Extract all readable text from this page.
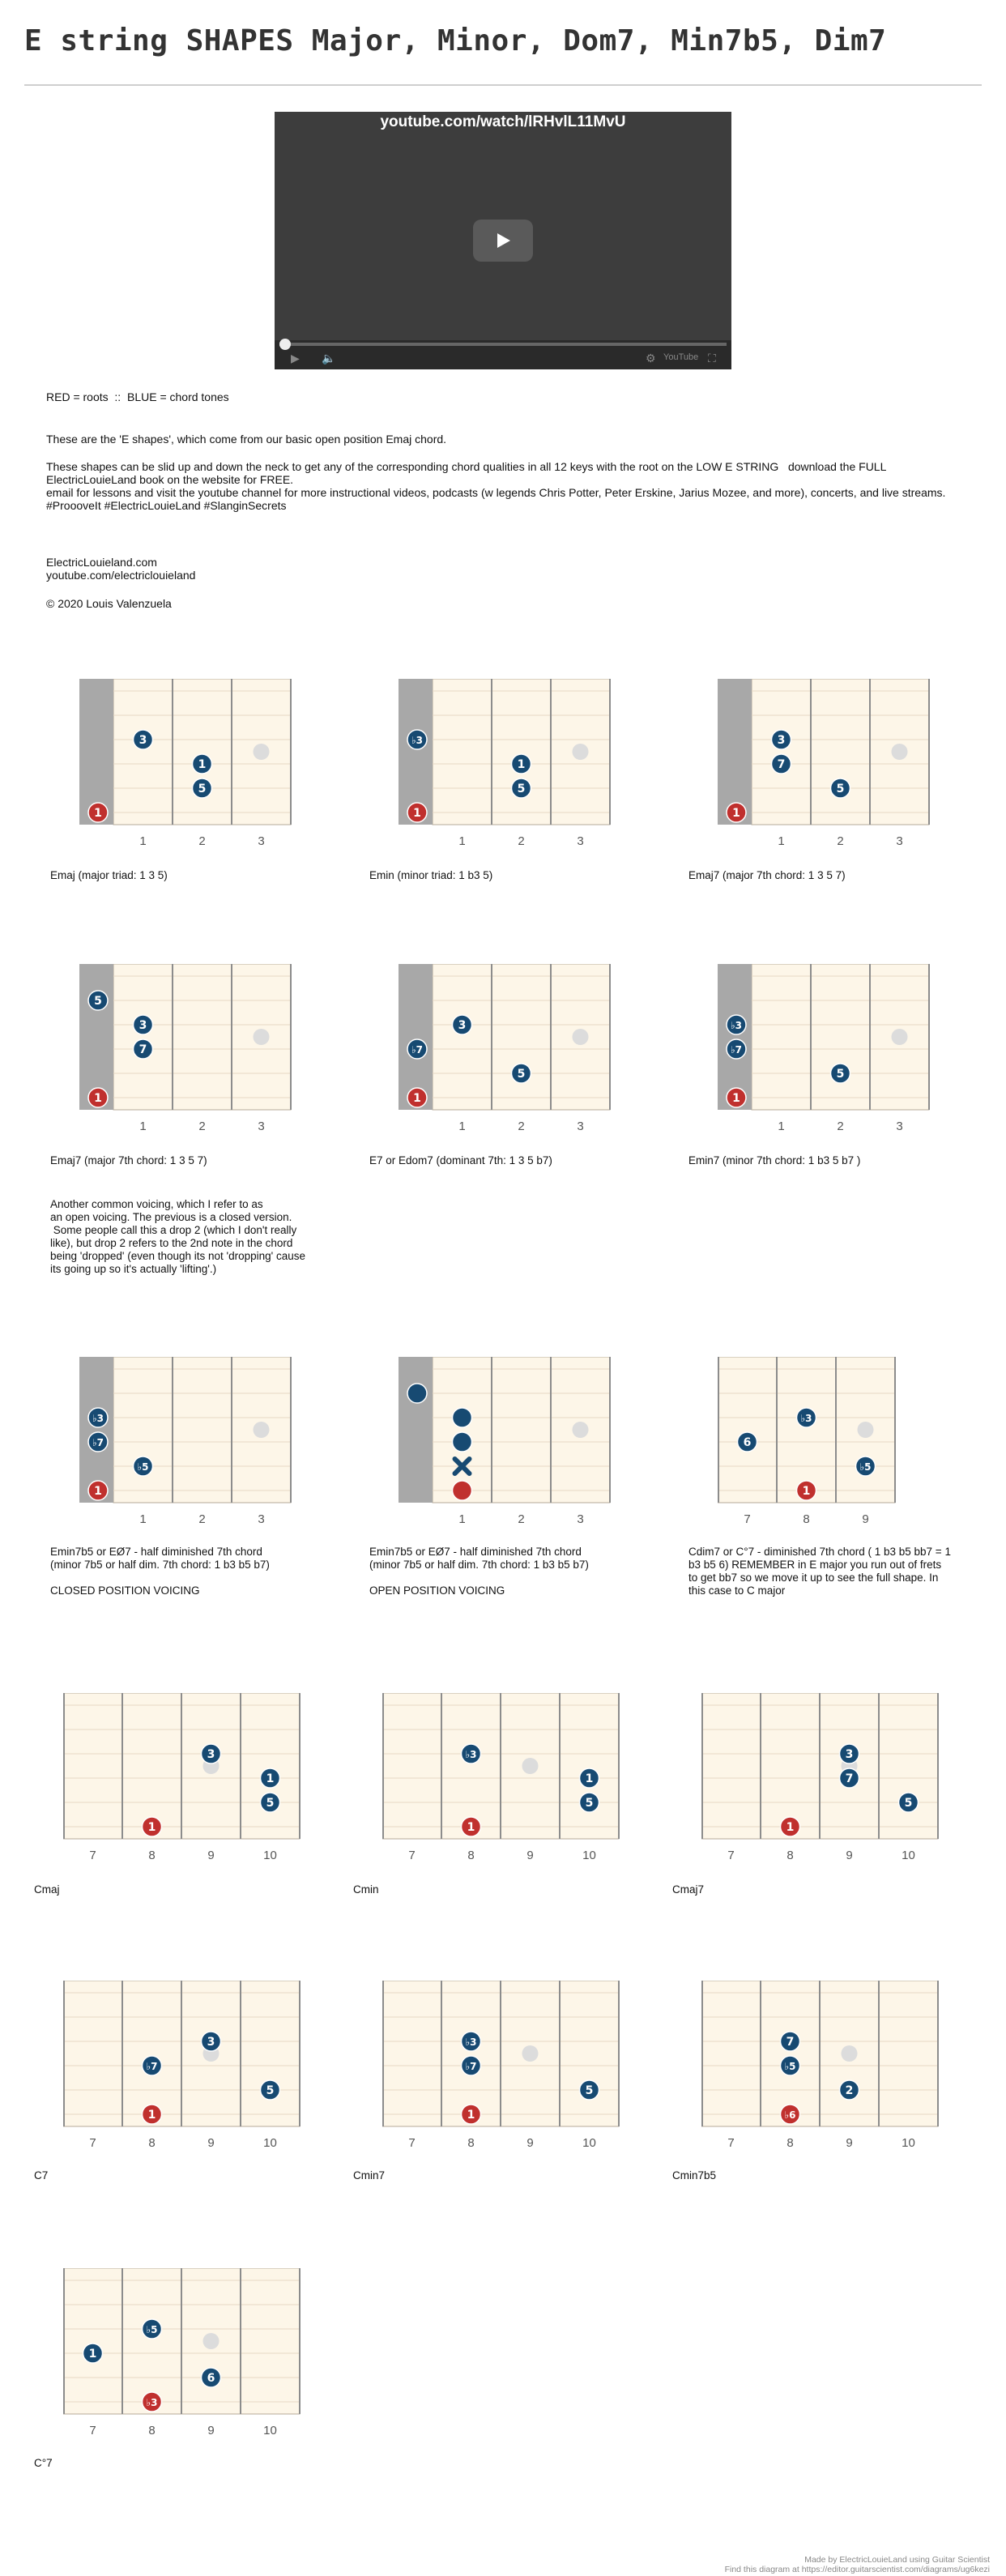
E string SHAPES Major, Minor, Dom7, Min7b5, Dim7
youtube.com/watch/lRHvlL11MvU
▶ 🔈	⚙ YouTube ⛶
RED = roots  ::  BLUE = chord tones
These are the 'E shapes', which come from our basic open position Emaj chord.
These shapes can be slid up and down the neck to get any of the corresponding chord qualities in all 12 keys with the root on the LOW E STRING   download the FULL ElectricLouieLand book on the website for FREE.
email for lessons and visit the youtube channel for more instructional videos, podcasts (w legends Chris Potter, Peter Erskine, Jarius Mozee, and more), concerts, and live streams.
#ProooveIt #ElectricLouieLand #SlanginSecrets
ElectricLouieland.com
youtube.com/electriclouieland
© 2020 Louis Valenzuela
Another common voicing, which I refer to as
an open voicing. The previous is a closed version.
Some people call this a drop 2 (which I don't really
like), but drop 2 refers to the 2nd note in the chord
being 'dropped' (even though its not 'dropping' cause
its going up so it's actually 'lifting'.)
1	2	3
1
3
1
5
Emaj (major triad: 1 3 5)
1	2	3
1
♭3
1
5
Emin (minor triad: 1 b3 5)
1	2	3
1
3
7
5
Emaj7 (major 7th chord: 1 3 5 7)
1	2	3
1
5
3
7
Emaj7 (major 7th chord: 1 3 5 7)
1	2	3
1
♭7
3
5
E7 or Edom7 (dominant 7th: 1 3 5 b7)
1	2	3
1
♭3
♭7
5
Emin7 (minor 7th chord: 1 b3 5 b7 )
1	2	3
1
♭3
♭7
♭5
Emin7b5 or EØ7 - half diminished 7th chord
(minor 7b5 or half dim. 7th chord: 1 b3 b5 b7)

CLOSED POSITION VOICING
1	2	3
Emin7b5 or EØ7 - half diminished 7th chord
(minor 7b5 or half dim. 7th chord: 1 b3 b5 b7)

OPEN POSITION VOICING
7	8	9
1
♭3
6
♭5
Cdim7 or C°7 - diminished 7th chord ( 1 b3 b5 bb7 = 1
b3 b5 6) REMEMBER in E major you run out of frets
to get bb7 so we move it up to see the full shape. In
this case to C major
7	8	9	10
1
3
1
5
Cmaj
7	8	9	10
1
♭3
1
5
Cmin
7	8	9	10
1
3
7
5
Cmaj7
7	8	9	10
1
♭7
3
5
C7
7	8	9	10
1
♭3
♭7
5
Cmin7
7	8	9	10
♭6
7
♭5
2
Cmin7b5
7	8	9	10
♭3
♭5
1
6
C°7
Made by ElectricLouieLand using Guitar Scientist
Find this diagram at https://editor.guitarscientist.com/diagrams/ug6kezi
